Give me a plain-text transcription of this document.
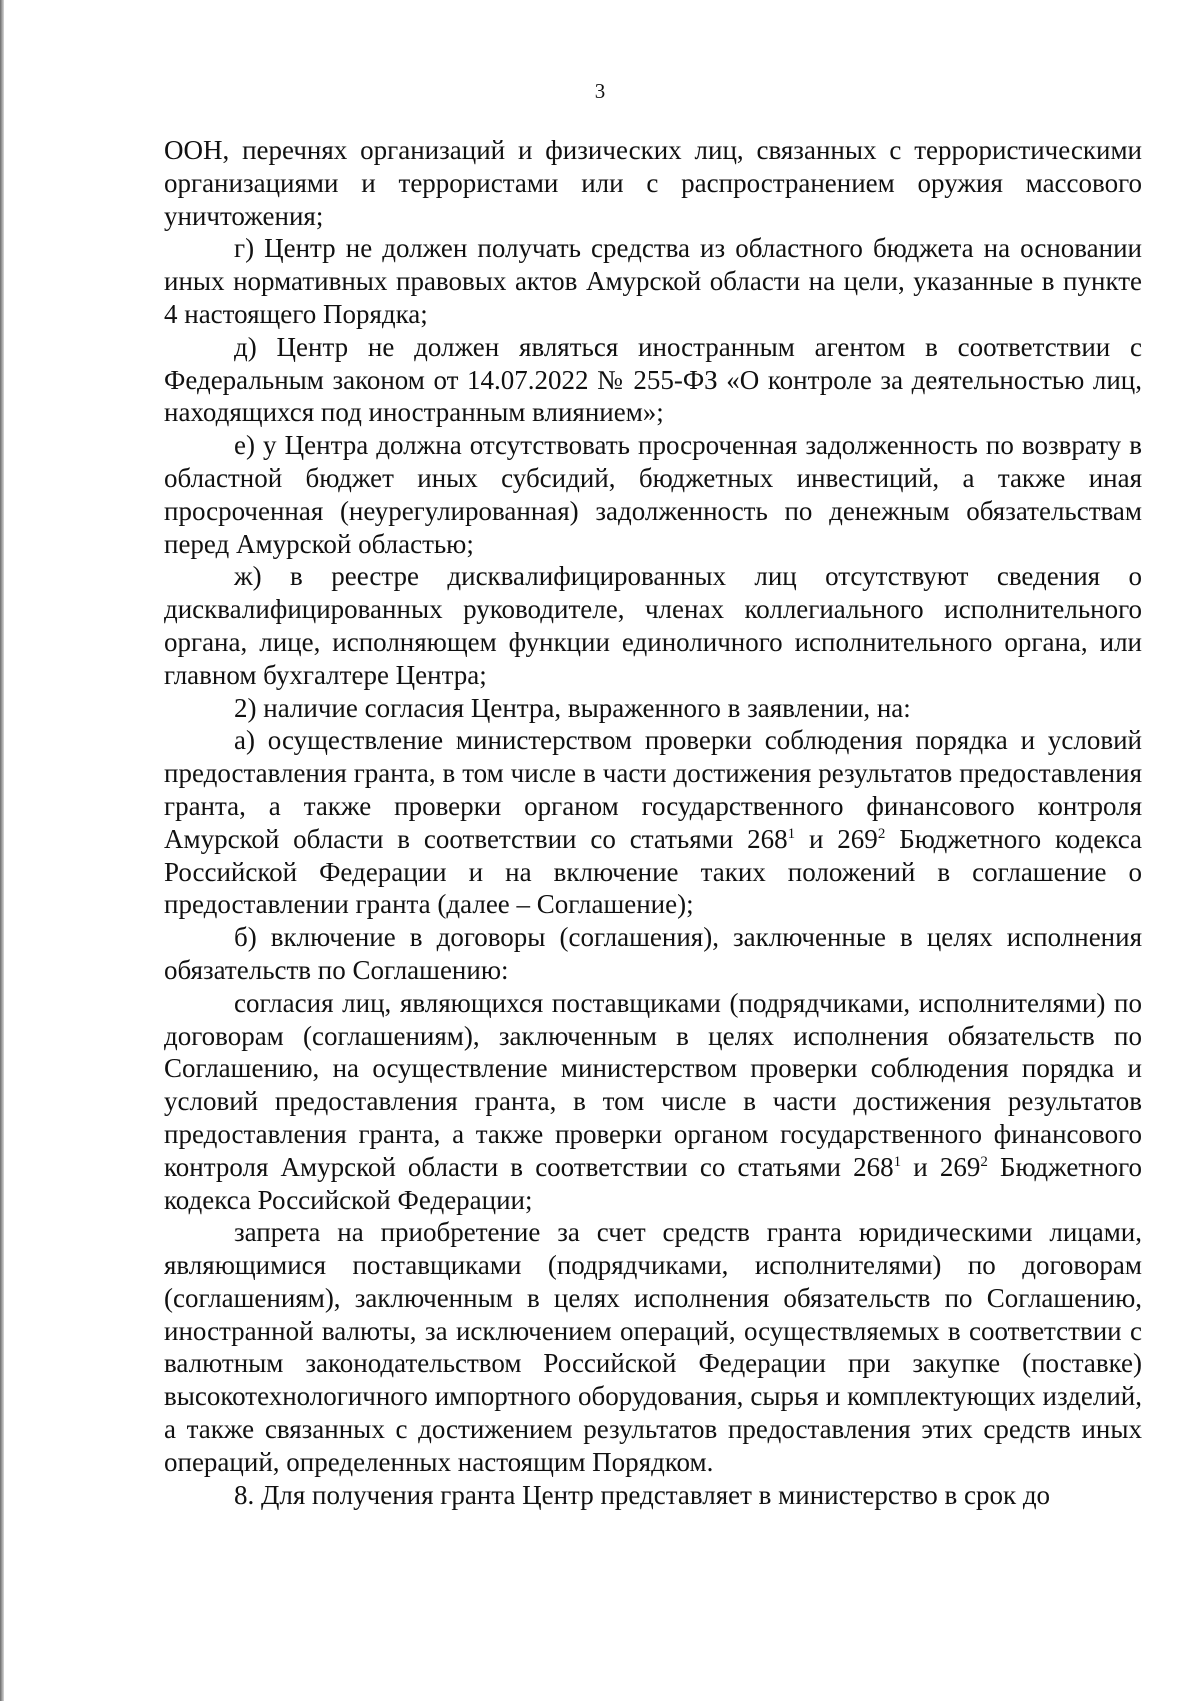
3

ООН, перечнях организаций и физических лиц, связанных с террористическими организациями и террористами или с распространением оружия массового уничтожения;

г) Центр не должен получать средства из областного бюджета на основании иных нормативных правовых актов Амурской области на цели, указанные в пункте 4 настоящего Порядка;

д) Центр не должен являться иностранным агентом в соответствии с Федеральным законом от 14.07.2022 № 255-ФЗ «О контроле за деятельностью лиц, находящихся под иностранным влиянием»;

е) у Центра должна отсутствовать просроченная задолженность по возврату в областной бюджет иных субсидий, бюджетных инвестиций, а также иная просроченная (неурегулированная) задолженность по денежным обязательствам перед Амурской областью;

ж) в реестре дисквалифицированных лиц отсутствуют сведения о дисквалифицированных руководителе, членах коллегиального исполнительного органа, лице, исполняющем функции единоличного исполнительного органа, или главном бухгалтере Центра;

2) наличие согласия Центра, выраженного в заявлении, на:

а) осуществление министерством проверки соблюдения порядка и условий предоставления гранта, в том числе в части достижения результатов предоставления гранта, а также проверки органом государственного финансового контроля Амурской области в соответствии со статьями $268^1$ и $269^2$ Бюджетного кодекса Российской Федерации и на включение таких положений в соглашение о предоставлении гранта (далее – Соглашение);

б) включение в договоры (соглашения), заключенные в целях исполнения обязательств по Соглашению:

согласия лиц, являющихся поставщиками (подрядчиками, исполнителями) по договорам (соглашениям), заключенным в целях исполнения обязательств по Соглашению, на осуществление министерством проверки соблюдения порядка и условий предоставления гранта, в том числе в части достижения результатов предоставления гранта, а также проверки органом государственного финансового контроля Амурской области в соответствии со статьями $268^1$ и $269^2$ Бюджетного кодекса Российской Федерации;

запрета на приобретение за счет средств гранта юридическими лицами, являющимися поставщиками (подрядчиками, исполнителями) по договорам (соглашениям), заключенным в целях исполнения обязательств по Соглашению, иностранной валюты, за исключением операций, осуществляемых в соответствии с валютным законодательством Российской Федерации при закупке (поставке) высокотехнологичного импортного оборудования, сырья и комплектующих изделий, а также связанных с достижением результатов предоставления этих средств иных операций, определенных настоящим Порядком.

8. Для получения гранта Центр представляет в министерство в срок до
